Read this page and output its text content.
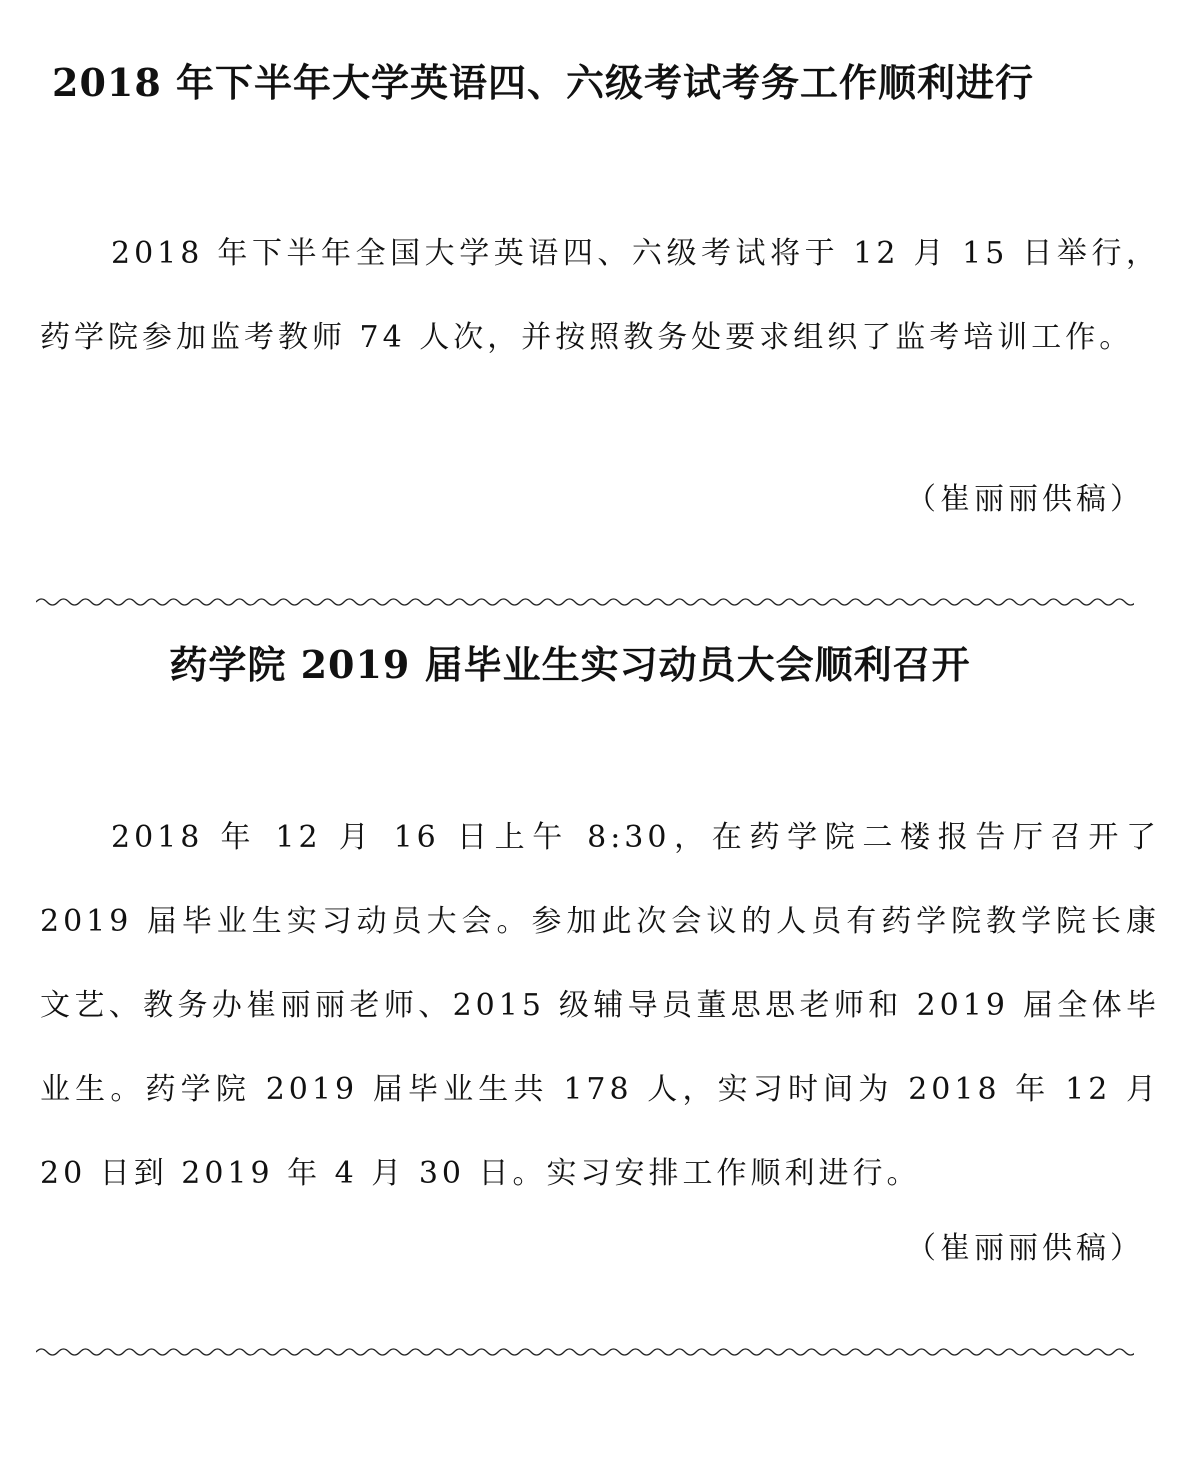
2018 年下半年大学英语四、六级考试考务工作顺利进行

2018 年下半年全国大学英语四、六级考试将于 12 月 15 日举行，药学院参加监考教师 74 人次，并按照教务处要求组织了监考培训工作。

（崔丽丽供稿）

药学院 2019 届毕业生实习动员大会顺利召开

2018 年 12 月 16 日上午 8:30，在药学院二楼报告厅召开了 2019 届毕业生实习动员大会。参加此次会议的人员有药学院教学院长康文艺、教务办崔丽丽老师、2015 级辅导员董思思老师和 2019 届全体毕业生。药学院 2019 届毕业生共 178 人，实习时间为 2018 年 12 月 20 日到 2019 年 4 月 30 日。实习安排工作顺利进行。

（崔丽丽供稿）
